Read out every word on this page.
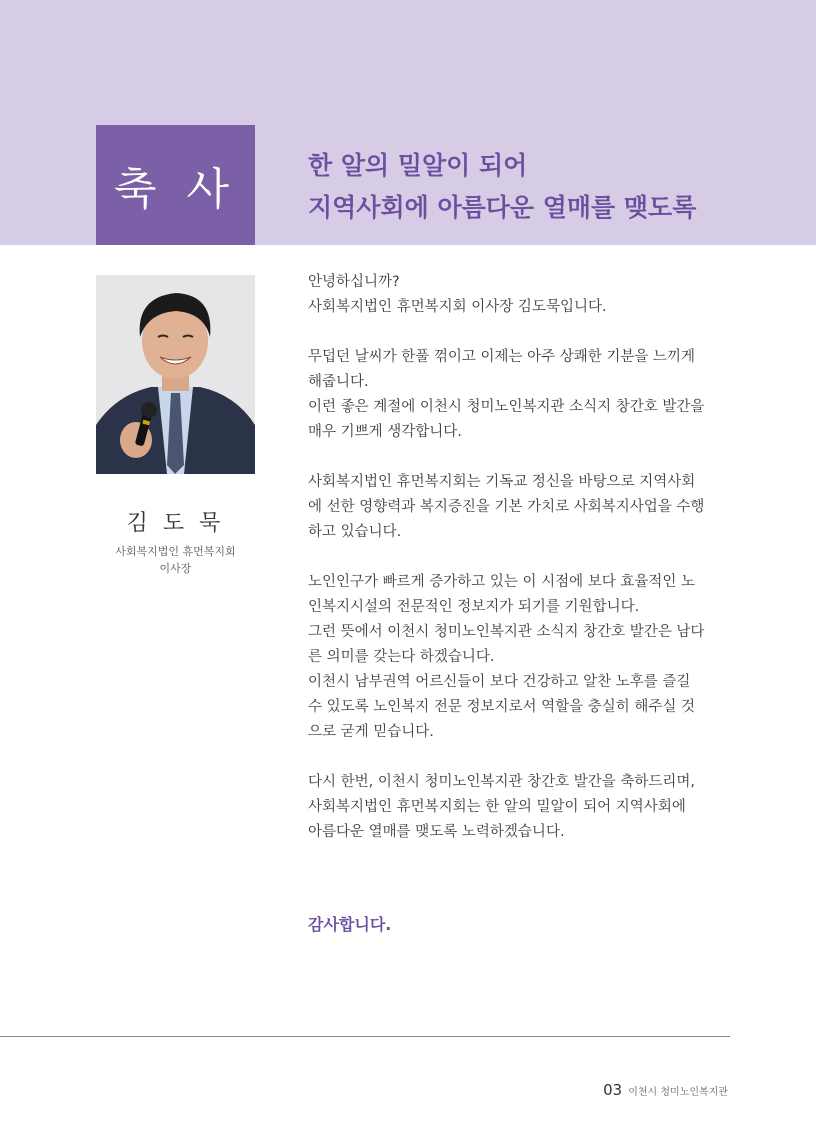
축 사	한 알의 밀알이 되어
지역사회에 아름다운 열매를 맺도록
김 도 묵
사회복지법인 휴먼복지회
이사장

안녕하십니까?
사회복지법인 휴먼복지회 이사장 김도묵입니다.

무덥던 날씨가 한풀 꺾이고 이제는 아주 상쾌한 기분을 느끼게
해줍니다.
이런 좋은 계절에 이천시 청미노인복지관 소식지 창간호 발간을
매우 기쁘게 생각합니다.

사회복지법인 휴먼복지회는 기독교 정신을 바탕으로 지역사회
에 선한 영향력과 복지증진을 기본 가치로 사회복지사업을 수행
하고 있습니다.

노인인구가 빠르게 증가하고 있는 이 시점에 보다 효율적인 노
인복지시설의 전문적인 정보지가 되기를 기원합니다.
그런 뜻에서 이천시 청미노인복지관 소식지 창간호 발간은 남다
른 의미를 갖는다 하겠습니다.
이천시 남부권역 어르신들이 보다 건강하고 알찬 노후를 즐길
수 있도록 노인복지 전문 정보지로서 역할을 충실히 해주실 것
으로 굳게 믿습니다.

다시 한번, 이천시 청미노인복지관 창간호 발간을 축하드리며,
사회복지법인 휴먼복지회는 한 알의 밀알이 되어 지역사회에
아름다운 열매를 맺도록 노력하겠습니다.

감사합니다.
03 이천시 청미노인복지관
